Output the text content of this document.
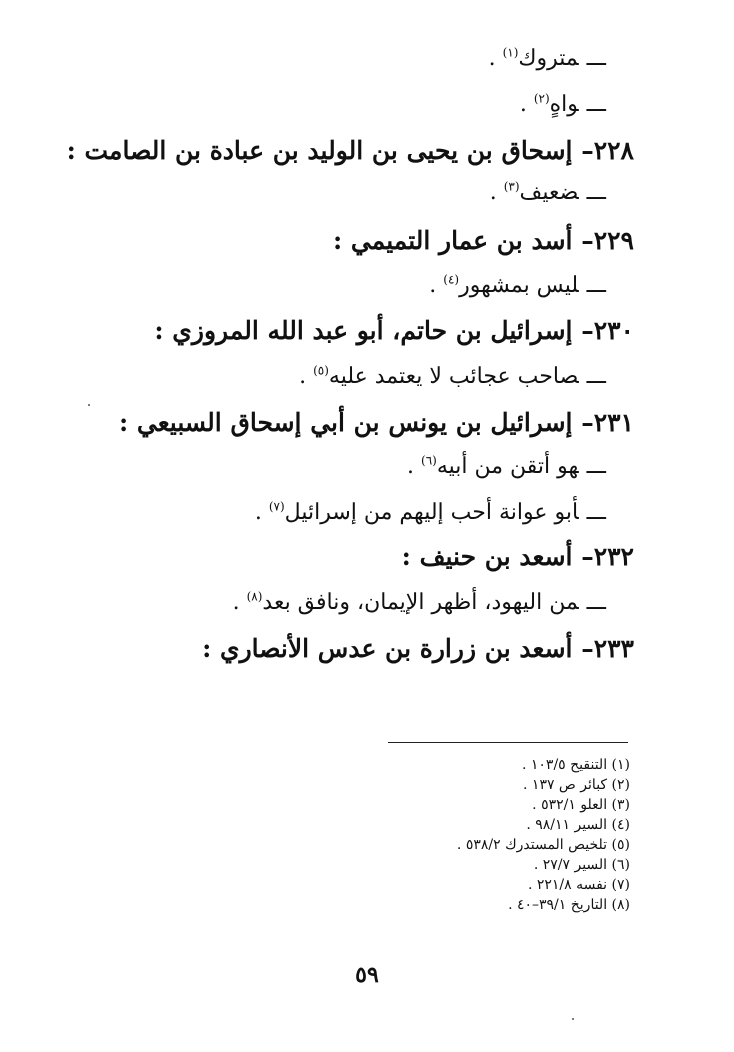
ـــمتروك$^{(١)}$ .
ـــواهٍ$^{(٢)}$ .
٢٢٨– إسحاق بن يحيى بن الوليد بن عبادة بن الصامت :
ـــضعيف$^{(٣)}$ .
٢٢٩– أسد بن عمار التميمي :
ـــليس بمشهور$^{(٤)}$ .
٢٣٠– إسرائيل بن حاتم، أبو عبد الله المروزي :
ـــصاحب عجائب لا يعتمد عليه$^{(٥)}$ .
٢٣١– إسرائيل بن يونس بن أبي إسحاق السبيعي :
ـــهو أتقن من أبيه$^{(٦)}$ .
ـــأبو عوانة أحب إليهم من إسرائيل$^{(٧)}$ .
٢٣٢– أسعد بن حنيف :
ـــمن اليهود، أظهر الإيمان، ونافق بعد$^{(٨)}$ .
٢٣٣– أسعد بن زرارة بن عدس الأنصاري :
(١) التنقيح ١٠٣/٥ .
(٢) كبائر ص ١٣٧ .
(٣) العلو ٥٣٢/١ .
(٤) السير ٩٨/١١ .
(٥) تلخيص المستدرك ٥٣٨/٢ .
(٦) السير ٢٧/٧ .
(٧) نفسه ٢٢١/٨ .
(٨) التاريخ ٣٩/١–٤٠ .
٥٩
